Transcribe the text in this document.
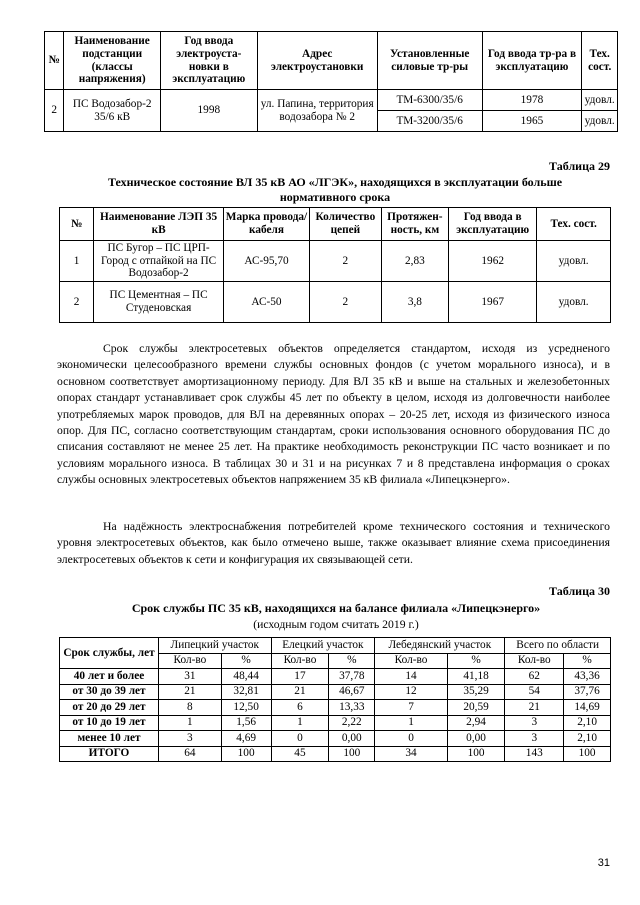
№	Наименование подстанции (классы напряжения)	Год ввода электроуста-новки в эксплуатацию	Адрес электроустановки	Установленные силовые тр-ры	Год ввода тр-ра в эксплуатацию	Тех. сост.
2	ПС Водозабор-2 35/6 кВ	1998	ул. Папина, территория водозабора № 2	ТМ-6300/35/6	1978	удовл.
				ТМ-3200/35/6	1965	удовл.
Таблица 29
Техническое состояние ВЛ 35 кВ АО «ЛГЭК», находящихся в эксплуатации больше нормативного срока
№	Наименование ЛЭП 35 кВ	Марка провода/кабеля	Количество цепей	Протяжен-ность, км	Год ввода в эксплуатацию	Тех. сост.
1	ПС Бугор – ПС ЦРП-Город с отпайкой на ПС Водозабор-2	АС-95,70	2	2,83	1962	удовл.
2	ПС Цементная – ПС Студеновская	АС-50	2	3,8	1967	удовл.

Срок службы электросетевых объектов определяется стандартом, исходя из усредненого экономически целесообразного времени службы основных фондов (с учетом морального износа), и в основном соответствует амортизационному периоду. Для ВЛ 35 кВ и выше на стальных и железобетонных опорах стандарт устанавливает срок службы 45 лет по объекту в целом, исходя из долговечности наиболее употребляемых марок проводов, для ВЛ на деревянных опорах – 20-25 лет, исходя из физического износа опор. Для ПС, согласно соответствующим стандартам, сроки использования основного оборудования ПС до списания составляют не менее 25 лет. На практике необходимость реконструкции ПС часто возникает и по условиям морального износа. В таблицах 30 и 31 и на рисунках 7 и 8 представлена информация о сроках службы основных электросетевых объектов напряжением 35 кВ филиала «Липецкэнерго».

На надёжность электроснабжения потребителей кроме технического состояния и технического уровня электросетевых объектов, как было отмечено выше, также оказывает влияние схема присоединения электросетевых объектов к сети и конфигурация их связывающей сети.

Таблица 30
Срок службы ПС 35 кВ, находящихся на балансе филиала «Липецкэнерго»
(исходным годом считать 2019 г.)
Срок службы, лет	Липецкий участок		Елецкий участок		Лебедянский участок		Всего по области	
	Кол-во	%	Кол-во	%	Кол-во	%	Кол-во	%
40 лет и более	31	48,44	17	37,78	14	41,18	62	43,36
от 30 до 39 лет	21	32,81	21	46,67	12	35,29	54	37,76
от 20 до 29 лет	8	12,50	6	13,33	7	20,59	21	14,69
от 10 до 19 лет	1	1,56	1	2,22	1	2,94	3	2,10
менее 10 лет	3	4,69	0	0,00	0	0,00	3	2,10
ИТОГО	64	100	45	100	34	100	143	100
31
